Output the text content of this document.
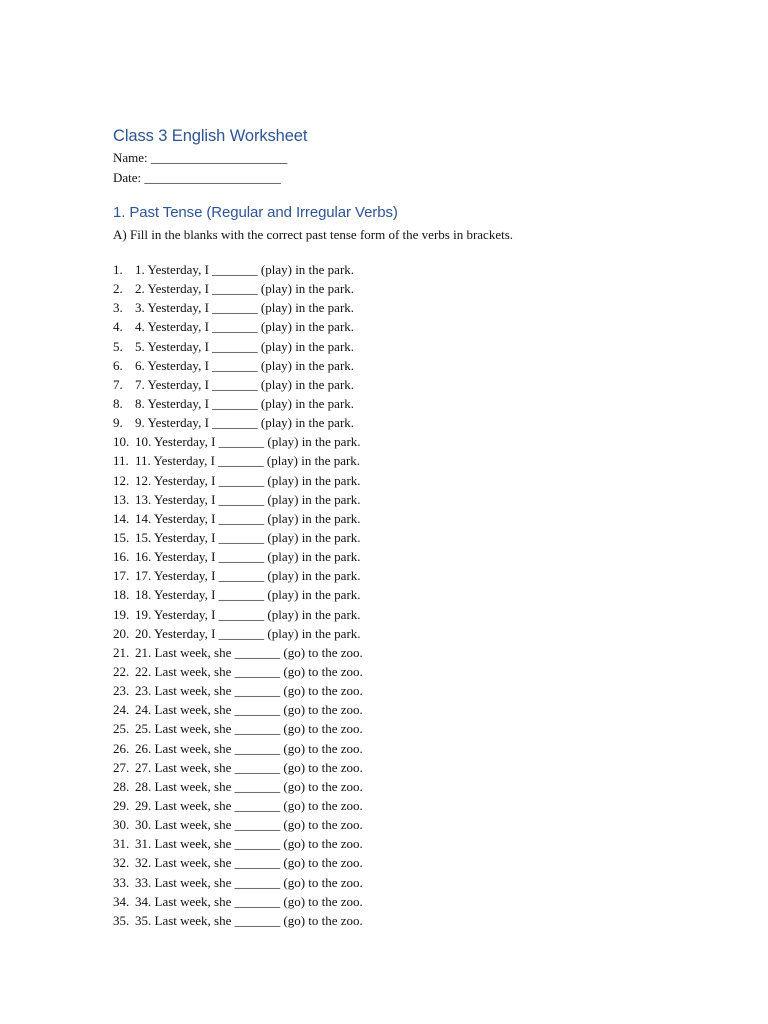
Class 3 English Worksheet
Name: _____________________
Date: _____________________
1. Past Tense (Regular and Irregular Verbs)

A) Fill in the blanks with the correct past tense form of the verbs in brackets.

1. 1. Yesterday, I _______ (play) in the park.
2. 2. Yesterday, I _______ (play) in the park.
3. 3. Yesterday, I _______ (play) in the park.
4. 4. Yesterday, I _______ (play) in the park.
5. 5. Yesterday, I _______ (play) in the park.
6. 6. Yesterday, I _______ (play) in the park.
7. 7. Yesterday, I _______ (play) in the park.
8. 8. Yesterday, I _______ (play) in the park.
9. 9. Yesterday, I _______ (play) in the park.
10. 10. Yesterday, I _______ (play) in the park.
11. 11. Yesterday, I _______ (play) in the park.
12. 12. Yesterday, I _______ (play) in the park.
13. 13. Yesterday, I _______ (play) in the park.
14. 14. Yesterday, I _______ (play) in the park.
15. 15. Yesterday, I _______ (play) in the park.
16. 16. Yesterday, I _______ (play) in the park.
17. 17. Yesterday, I _______ (play) in the park.
18. 18. Yesterday, I _______ (play) in the park.
19. 19. Yesterday, I _______ (play) in the park.
20. 20. Yesterday, I _______ (play) in the park.
21. 21. Last week, she _______ (go) to the zoo.
22. 22. Last week, she _______ (go) to the zoo.
23. 23. Last week, she _______ (go) to the zoo.
24. 24. Last week, she _______ (go) to the zoo.
25. 25. Last week, she _______ (go) to the zoo.
26. 26. Last week, she _______ (go) to the zoo.
27. 27. Last week, she _______ (go) to the zoo.
28. 28. Last week, she _______ (go) to the zoo.
29. 29. Last week, she _______ (go) to the zoo.
30. 30. Last week, she _______ (go) to the zoo.
31. 31. Last week, she _______ (go) to the zoo.
32. 32. Last week, she _______ (go) to the zoo.
33. 33. Last week, she _______ (go) to the zoo.
34. 34. Last week, she _______ (go) to the zoo.
35. 35. Last week, she _______ (go) to the zoo.
